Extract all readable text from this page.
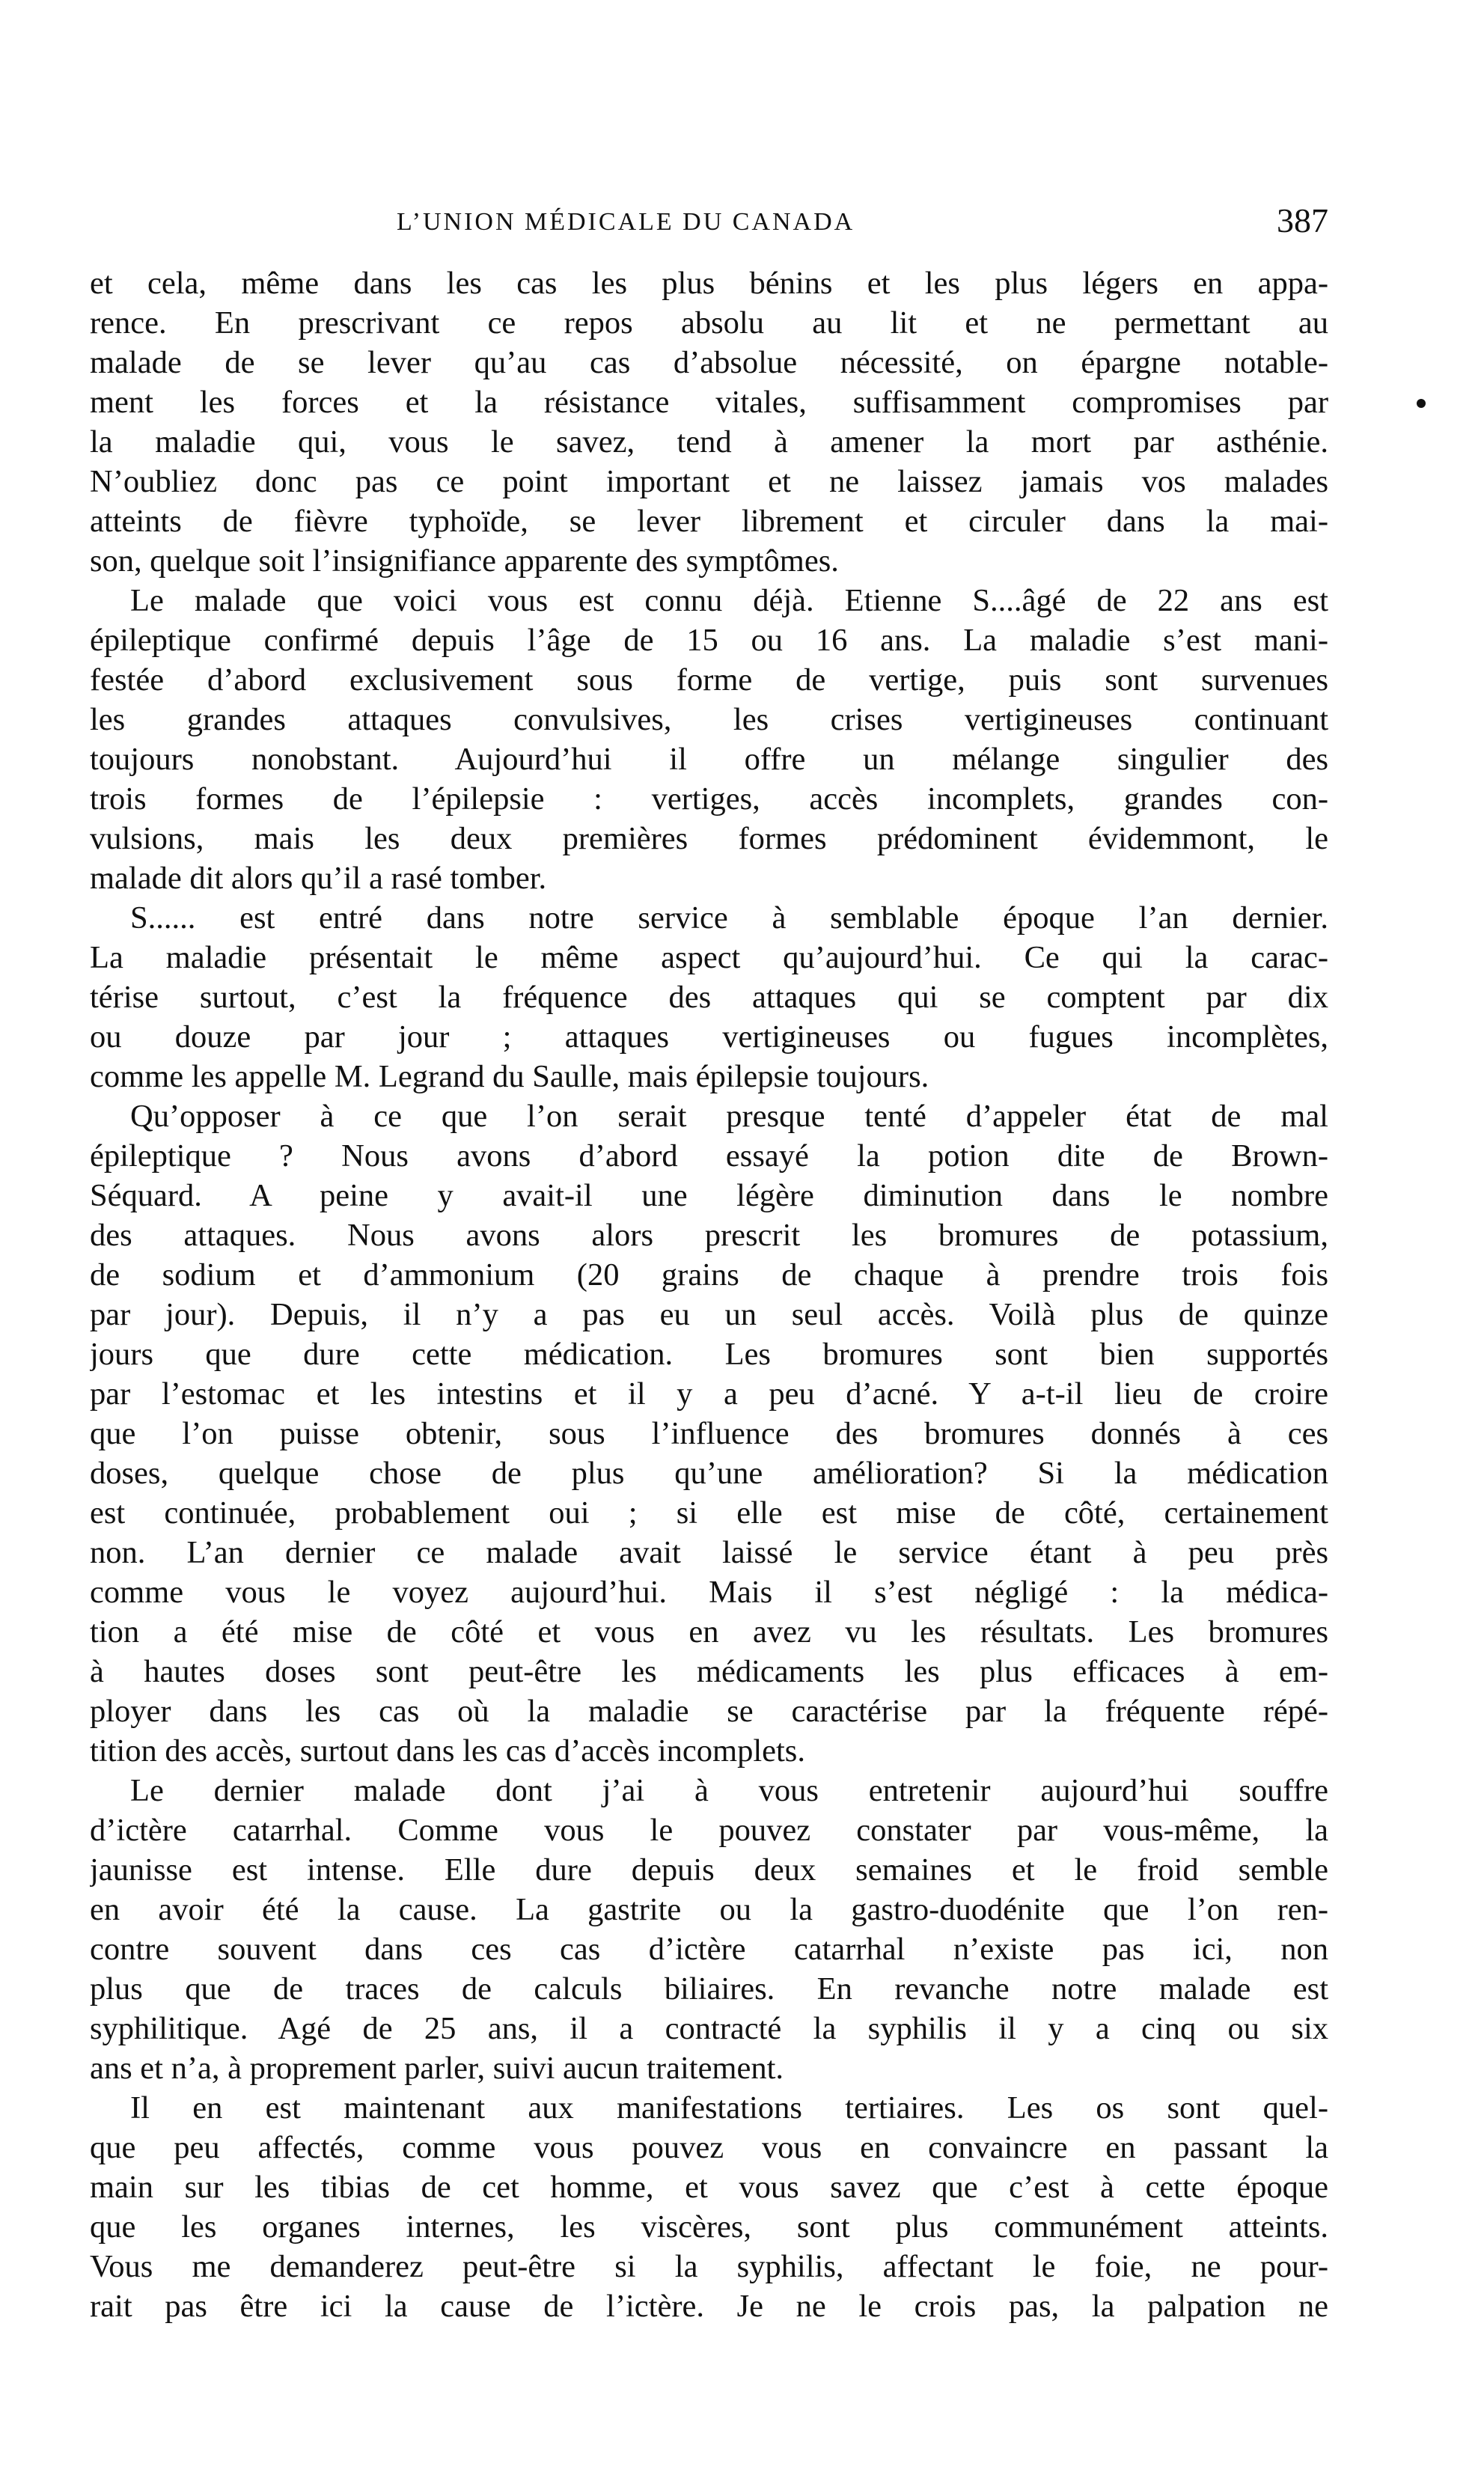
L’UNION MÉDICALE DU CANADA	387
et cela, même dans les cas les plus bénins et les plus légers en appa-
rence. En prescrivant ce repos absolu au lit et ne permettant au
malade de se lever qu’au cas d’absolue nécessité, on épargne notable-
ment les forces et la résistance vitales, suffisamment compromises par
la maladie qui, vous le savez, tend à amener la mort par asthénie.
N’oubliez donc pas ce point important et ne laissez jamais vos malades
atteints de fièvre typhoïde, se lever librement et circuler dans la mai-
son, quelque soit l’insignifiance apparente des symptômes.
Le malade que voici vous est connu déjà. Etienne S....âgé de 22 ans est
épileptique confirmé depuis l’âge de 15 ou 16 ans. La maladie s’est mani-
festée d’abord exclusivement sous forme de vertige, puis sont survenues
les grandes attaques convulsives, les crises vertigineuses continuant
toujours nonobstant. Aujourd’hui il offre un mélange singulier des
trois formes de l’épilepsie : vertiges, accès incomplets, grandes con-
vulsions, mais les deux premières formes prédominent évidemmont, le
malade dit alors qu’il a rasé tomber.
S...... est entré dans notre service à semblable époque l’an dernier.
La maladie présentait le même aspect qu’aujourd’hui. Ce qui la carac-
térise surtout, c’est la fréquence des attaques qui se comptent par dix
ou douze par jour ; attaques vertigineuses ou fugues incomplètes,
comme les appelle M. Legrand du Saulle, mais épilepsie toujours.
Qu’opposer à ce que l’on serait presque tenté d’appeler état de mal
épileptique ? Nous avons d’abord essayé la potion dite de Brown-
Séquard. A peine y avait-il une légère diminution dans le nombre
des attaques. Nous avons alors prescrit les bromures de potassium,
de sodium et d’ammonium (20 grains de chaque à prendre trois fois
par jour). Depuis, il n’y a pas eu un seul accès. Voilà plus de quinze
jours que dure cette médication. Les bromures sont bien supportés
par l’estomac et les intestins et il y a peu d’acné. Y a-t-il lieu de croire
que l’on puisse obtenir, sous l’influence des bromures donnés à ces
doses, quelque chose de plus qu’une amélioration? Si la médication
est continuée, probablement oui ; si elle est mise de côté, certainement
non. L’an dernier ce malade avait laissé le service étant à peu près
comme vous le voyez aujourd’hui. Mais il s’est négligé : la médica-
tion a été mise de côté et vous en avez vu les résultats. Les bromures
à hautes doses sont peut-être les médicaments les plus efficaces à em-
ployer dans les cas où la maladie se caractérise par la fréquente répé-
tition des accès, surtout dans les cas d’accès incomplets.
Le dernier malade dont j’ai à vous entretenir aujourd’hui souffre
d’ictère catarrhal. Comme vous le pouvez constater par vous-même, la
jaunisse est intense. Elle dure depuis deux semaines et le froid semble
en avoir été la cause. La gastrite ou la gastro-duodénite que l’on ren-
contre souvent dans ces cas d’ictère catarrhal n’existe pas ici, non
plus que de traces de calculs biliaires. En revanche notre malade est
syphilitique. Agé de 25 ans, il a contracté la syphilis il y a cinq ou six
ans et n’a, à proprement parler, suivi aucun traitement.
Il en est maintenant aux manifestations tertiaires. Les os sont quel-
que peu affectés, comme vous pouvez vous en convaincre en passant la
main sur les tibias de cet homme, et vous savez que c’est à cette époque
que les organes internes, les viscères, sont plus communément atteints.
Vous me demanderez peut-être si la syphilis, affectant le foie, ne pour-
rait pas être ici la cause de l’ictère. Je ne le crois pas, la palpation ne
